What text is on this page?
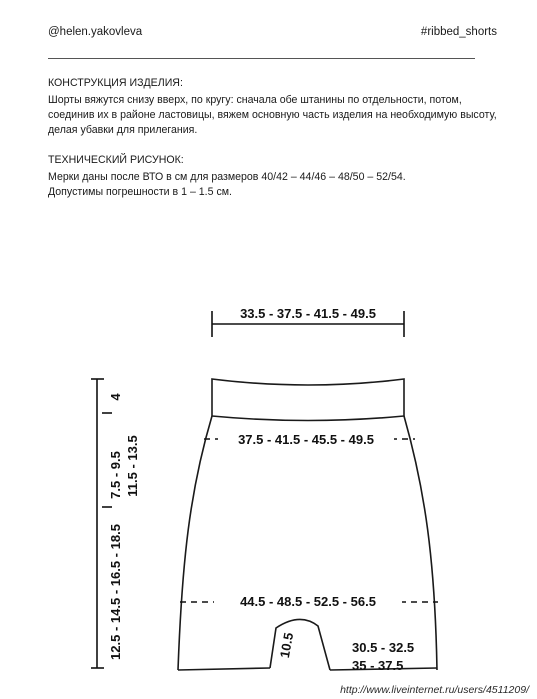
@helen.yakovleva	#ribbed_shorts
КОНСТРУКЦИЯ ИЗДЕЛИЯ:
Шорты вяжутся снизу вверх, по кругу: сначала обе штанины по отдельности, потом, соединив их в районе ластовицы, вяжем основную часть изделия на необходимую высоту, делая убавки для прилегания.
ТЕХНИЧЕСКИЙ РИСУНОК:
Мерки даны после ВТО в см для размеров 40/42 – 44/46 – 48/50 – 52/54.
Допустимы погрешности в 1 – 1.5 см.
33.5 - 37.5 - 41.5 - 49.5
37.5 - 41.5 - 45.5 - 49.5
44.5 - 48.5 - 52.5 - 56.5
4
7.5 - 9.5 11.5 - 13.5
12.5 - 14.5 - 16.5 - 18.5	10.5	30.5 - 32.5
35 - 37.5
http://www.liveinternet.ru/users/4511209/
